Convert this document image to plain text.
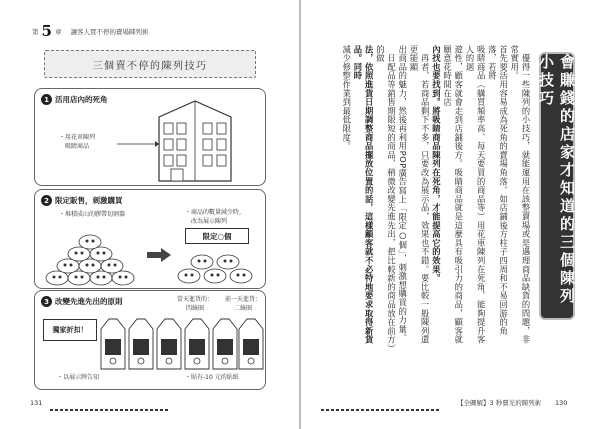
第 5 章 讓客人買不停的賣場陳列術
三個賣不停的陳列技巧
1 活用店內的死角
・用花車陳列
吸睛商品
2 限定販售，刺激購買
・堆積成山的膠帶切割器	・商品的數量減少時，
改為展示陳列
限定○個
3 改變先進先出的原則	當天進貨的：
四綠圈
前一天進貨：
二綠圈
獨家折扣！
・以展示牌告知	・貼有-10 元的貼紙
131

　優得一些陳列的小技巧，就能運用在該整賣場或是遇理商品缺貨的問題，非常實用。

首先要活用容易成為死角的賣場角落。如店鋪後方柱子四周和不易回游的角落，若將

吸睛商品（購買頻率高、每天要買的商品等）用花車陳列在死角，能夠提升客人的迴

遊性，顧客就會走到店鋪後方。吸睛商品就是這麼具有吸引力的商品，顧客就願意花時間在店

內找也要找到。將吸睛商品陳列在死角，才能提高它的效果。

　再者，若商品剩下不多，只要改為展示品，效果也不錯。要比較一般陳列還更能顯

出商品的魅力，然後再利用POP廣告寫上「限定○個」，刺激想購買的力量。

　日配品等銷售期限短的商品，稍微改變先進先出，把比較新的商品放在前方）的做

法，依照進貨日期調整商品擺放位置的話，這樣顧客就不必特地要求取得新貨品。同時

減少修整作業到最低限度。	會賺錢的店家才知道的三個陳列小技巧
【全圖解】3 秒賣光的陳列術 130
